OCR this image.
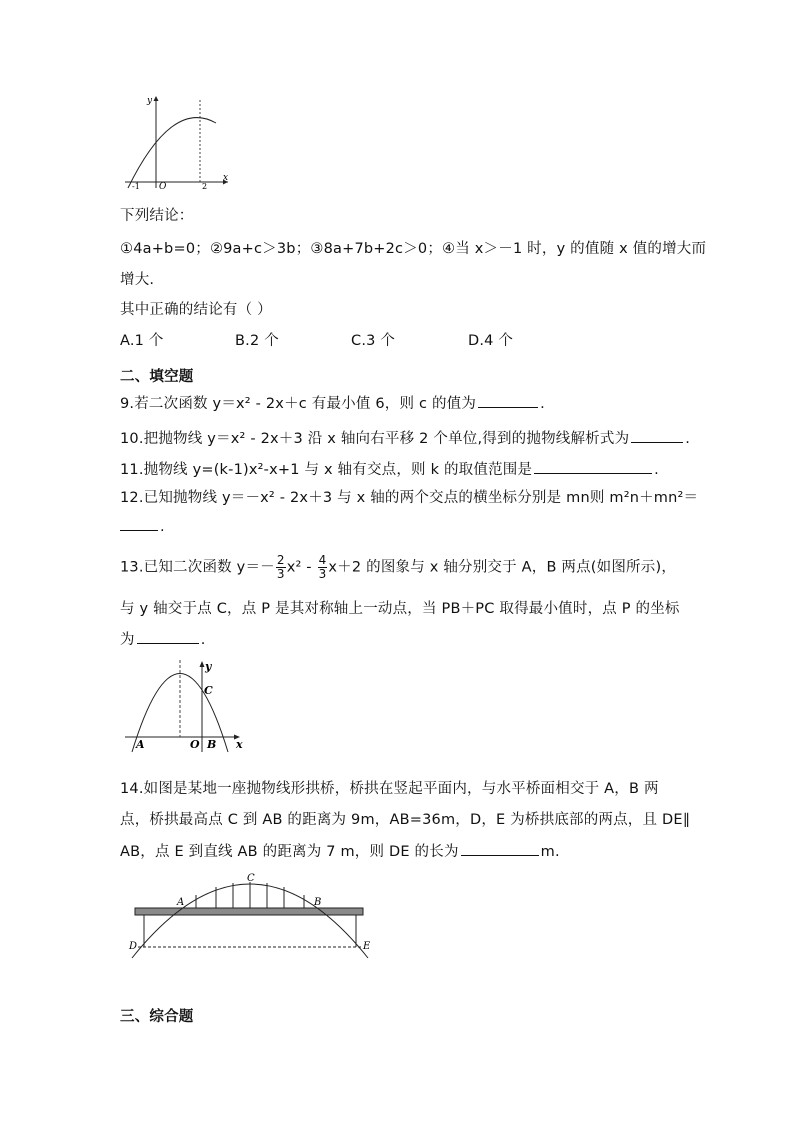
y
x
O
-1	2
下列结论：
①4a+b=0；②9a+c＞3b；③8a+7b+2c＞0；④当 x＞－1 时，y 的值随 x 值的增大而
增大.
其中正确的结论有（ ）
A.1 个	B.2 个	C.3 个	D.4 个
二、填空题
9.若二次函数 y＝x² - 2x＋c 有最小值 6，则 c 的值为	.
10.把抛物线 y＝x² - 2x＋3 沿 x 轴向右平移 2 个单位,得到的抛物线解析式为	.
11.抛物线 y=(k-1)x²-x+1 与 x 轴有交点，则 k 的取值范围是	.
12.已知抛物线 y＝－x² - 2x＋3 与 x 轴的两个交点的横坐标分别是 mn则 m²n＋mn²＝
.
13.已知二次函数 $y=- \frac{2}{3} x^2 - \frac{4}{3} x+2$ 的图象与 x 轴分别交于 A，B 两点(如图所示)，
与 y 轴交于点 C，点 P 是其对称轴上一动点，当 PB＋PC 取得最小值时，点 P 的坐标
为	.
y
x
A	O B
C
14.如图是某地一座抛物线形拱桥，桥拱在竖起平面内，与水平桥面相交于 A，B 两
点，桥拱最高点 C 到 AB 的距离为 9m，AB=36m，D，E 为桥拱底部的两点，且 DE∥
AB，点 E 到直线 AB 的距离为 7 m，则 DE 的长为	m.
A	B
C
D	E
三、综合题
